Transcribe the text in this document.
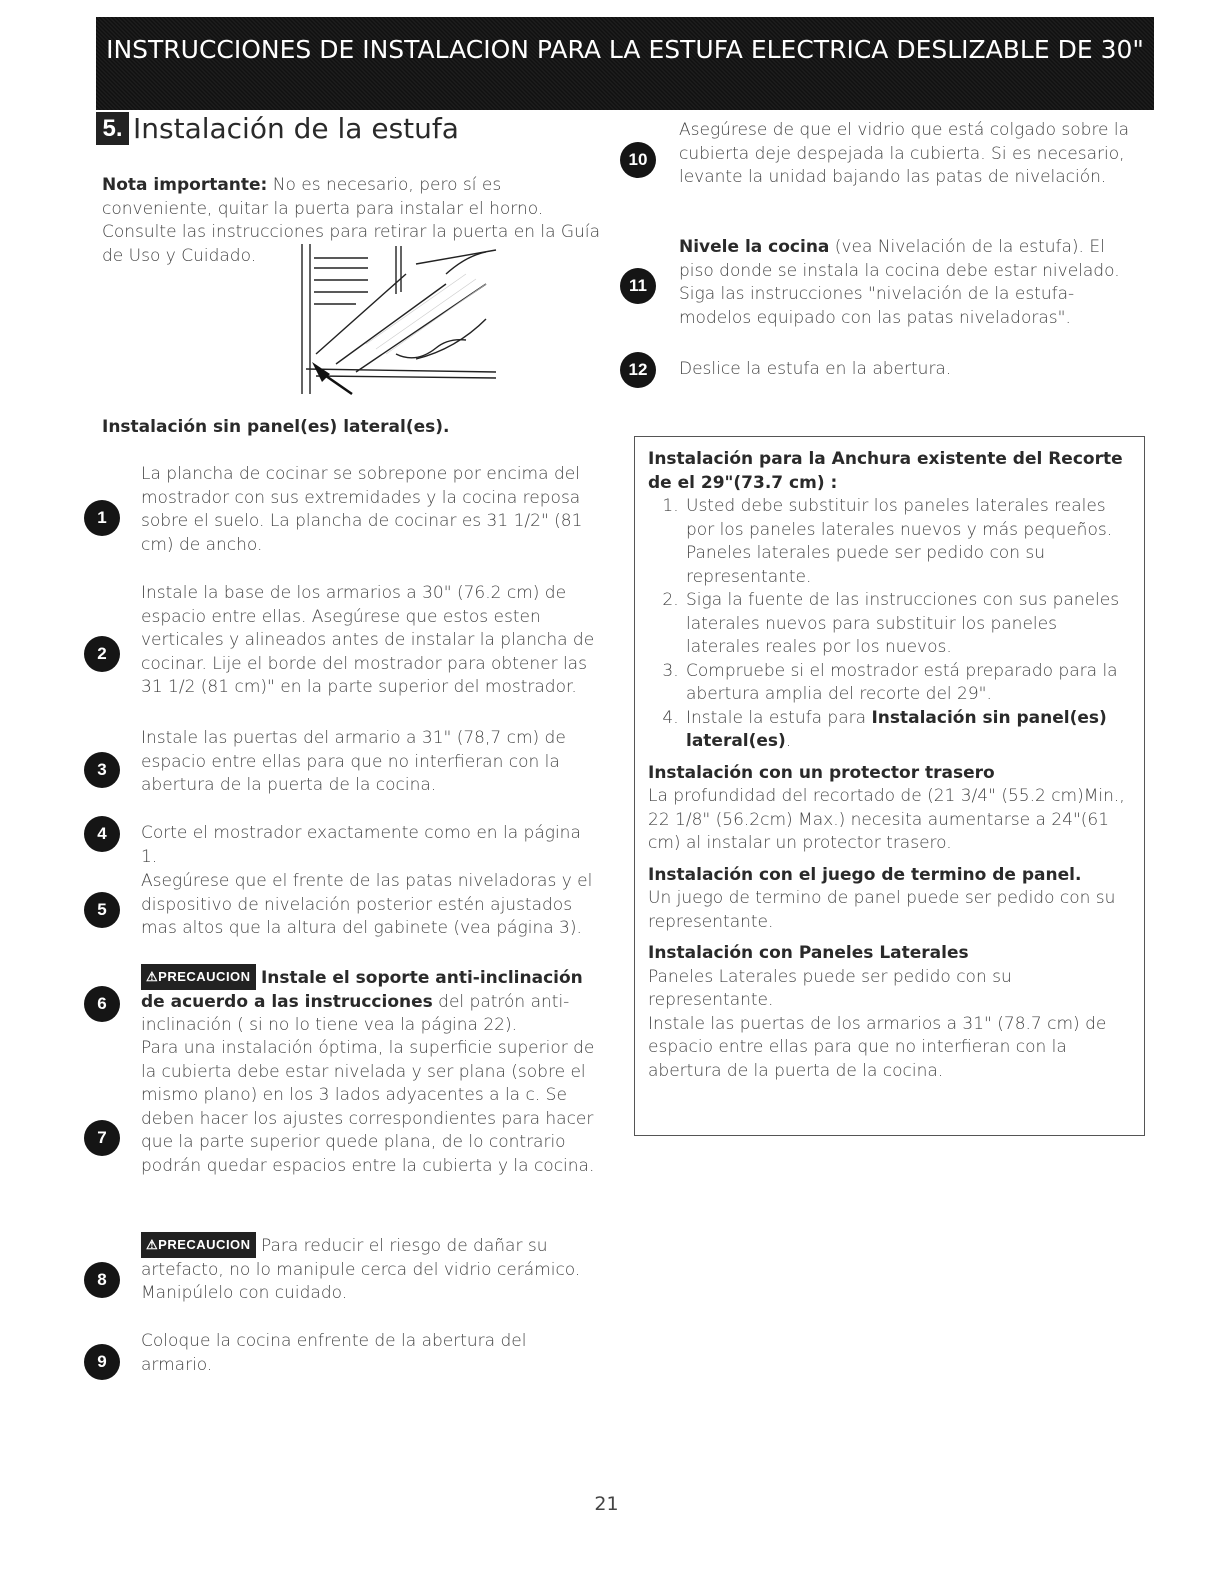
INSTRUCCIONES DE INSTALACION PARA LA ESTUFA ELECTRICA DESLIZABLE DE 30"
5. Instalación de la estufa
Nota importante: No es necesario, pero sí es conveniente, quitar la puerta para instalar el horno. Consulte las instrucciones para retirar la puerta en la Guía de Uso y Cuidado.
Instalación sin panel(es) lateral(es).
1
La plancha de cocinar se sobrepone por encima del mostrador con sus extremidades y la cocina reposa sobre el suelo. La plancha de cocinar es 31 1/2" (81 cm) de ancho.
2
Instale la base de los armarios a 30" (76.2 cm) de espacio entre ellas. Asegúrese que estos esten verticales y alineados antes de instalar la plancha de cocinar. Lije el borde del mostrador para obtener las 31 1/2 (81 cm)" en la parte superior del mostrador.
3
Instale las puertas del armario a 31" (78,7 cm) de espacio entre ellas para que no interfieran con la abertura de la puerta de la cocina.
4	Corte el mostrador exactamente como en la página 1.
5
Asegúrese que el frente de las patas niveladoras y el dispositivo de nivelación posterior estén ajustados mas altos que la altura del gabinete (vea página 3).
6
⚠PRECAUCION Instale el soporte anti-inclinación de acuerdo a las instrucciones del patrón anti-inclinación ( si no lo tiene vea la página 22).
7
Para una instalación óptima, la superficie superior de la cubierta debe estar nivelada y ser plana (sobre el mismo plano) en los 3 lados adyacentes a la c. Se deben hacer los ajustes correspondientes para hacer que la parte superior quede plana, de lo contrario podrán quedar espacios entre la cubierta y la cocina.
8
⚠PRECAUCION Para reducir el riesgo de dañar su artefacto, no lo manipule cerca del vidrio cerámico. Manipúlelo con cuidado.
9
Coloque la cocina enfrente de la abertura del armario.
10
Asegúrese de que el vidrio que está colgado sobre la cubierta deje despejada la cubierta. Si es necesario, levante la unidad bajando las patas de nivelación.
11
Nivele la cocina (vea Nivelación de la estufa). El piso donde se instala la cocina debe estar nivelado. Siga las instrucciones "nivelación de la estufa-modelos equipado con las patas niveladoras".
12	Deslice la estufa en la abertura.
Instalación para la Anchura existente del Recorte de el 29"(73.7 cm) :
1. Usted debe substituir los paneles laterales reales por los paneles laterales nuevos y más pequeños. Paneles laterales puede ser pedido con su representante.
2. Siga la fuente de las instrucciones con sus paneles laterales nuevos para substituir los paneles laterales reales por los nuevos.
3. Compruebe si el mostrador está preparado para la abertura amplia del recorte del 29".
4. Instale la estufa para Instalación sin panel(es) lateral(es).
Instalación con un protector trasero

La profundidad del recortado de (21 3/4" (55.2 cm)Min., 22 1/8" (56.2cm) Max.) necesita aumentarse a 24"(61 cm) al instalar un protector trasero.

Instalación con el juego de termino de panel.

Un juego de termino de panel puede ser pedido con su representante.

Instalación con Paneles Laterales

Paneles Laterales puede ser pedido con su representante.

Instale las puertas de los armarios a 31" (78.7 cm) de espacio entre ellas para que no interfieran con la abertura de la puerta de la cocina.

21
